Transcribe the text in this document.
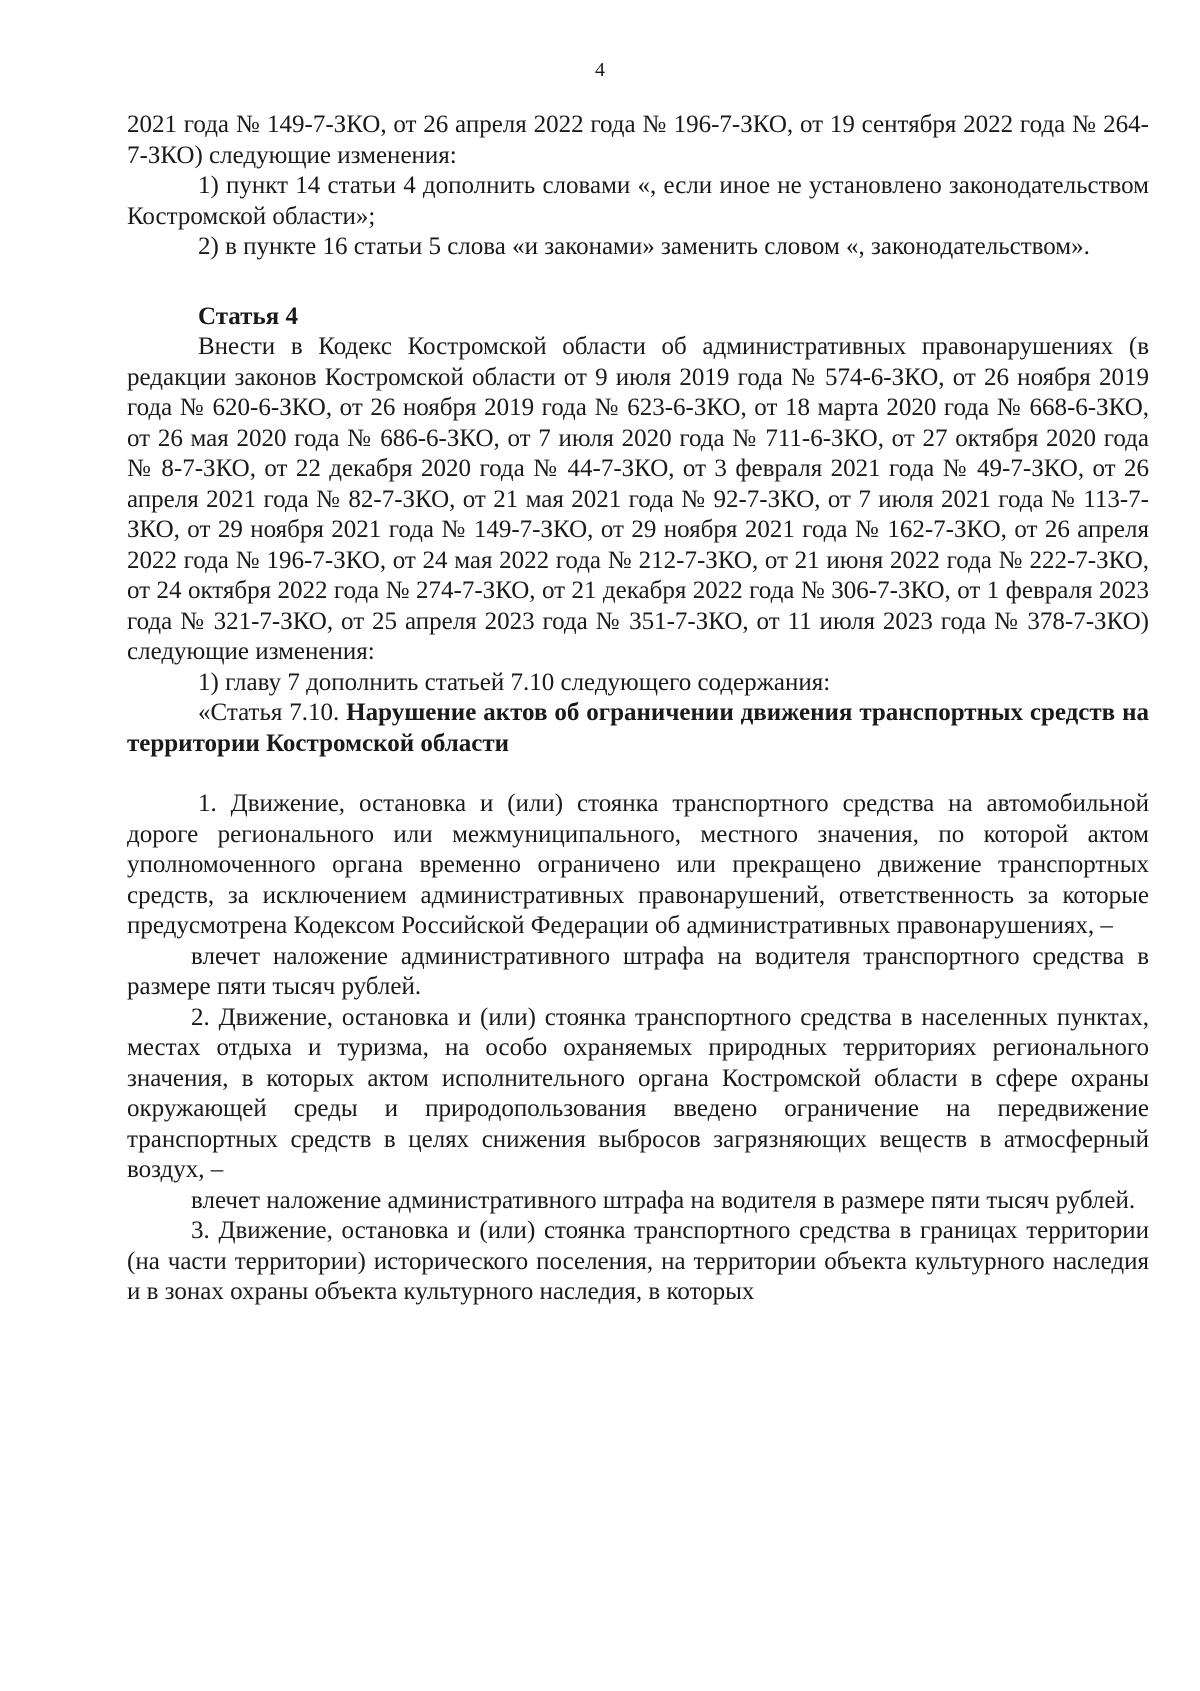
4

2021 года № 149-7-ЗКО, от 26 апреля 2022 года № 196-7-ЗКО, от 19 сентября 2022 года № 264-7-ЗКО) следующие изменения:

1) пункт 14 статьи 4 дополнить словами «, если иное не установлено законодательством Костромской области»;

2) в пункте 16 статьи 5 слова «и законами» заменить словом «, законодательством».

Статья 4

Внести в Кодекс Костромской области об административных правонарушениях (в редакции законов Костромской области от 9 июля 2019 года № 574-6-ЗКО, от 26 ноября 2019 года № 620-6-ЗКО, от 26 ноября 2019 года № 623-6-ЗКО, от 18 марта 2020 года № 668-6-ЗКО, от 26 мая 2020 года № 686-6-ЗКО, от 7 июля 2020 года № 711-6-ЗКО, от 27 октября 2020 года № 8-7-ЗКО, от 22 декабря 2020 года № 44-7-ЗКО, от 3 февраля 2021 года № 49-7-ЗКО, от 26 апреля 2021 года № 82-7-ЗКО, от 21 мая 2021 года № 92-7-ЗКО, от 7 июля 2021 года № 113-7-ЗКО, от 29 ноября 2021 года № 149-7-ЗКО, от 29 ноября 2021 года № 162-7-ЗКО, от 26 апреля 2022 года № 196-7-ЗКО, от 24 мая 2022 года № 212-7-ЗКО, от 21 июня 2022 года № 222-7-ЗКО, от 24 октября 2022 года № 274-7-ЗКО, от 21 декабря 2022 года № 306-7-ЗКО, от 1 февраля 2023 года № 321-7-ЗКО, от 25 апреля 2023 года № 351-7-ЗКО, от 11 июля 2023 года № 378-7-ЗКО) следующие изменения:

1) главу 7 дополнить статьей 7.10 следующего содержания:

«Статья 7.10. Нарушение актов об ограничении движения транспортных средств на территории Костромской области

1. Движение, остановка и (или) стоянка транспортного средства на автомобильной дороге регионального или межмуниципального, местного значения, по которой актом уполномоченного органа временно ограничено или прекращено движение транспортных средств, за исключением административных правонарушений, ответственность за которые предусмотрена Кодексом Российской Федерации об административных правонарушениях, –

влечет наложение административного штрафа на водителя транспортного средства в размере пяти тысяч рублей.

2. Движение, остановка и (или) стоянка транспортного средства в населенных пунктах, местах отдыха и туризма, на особо охраняемых природных территориях регионального значения, в которых актом исполнительного органа Костромской области в сфере охраны окружающей среды и природопользования введено ограничение на передвижение транспортных средств в целях снижения выбросов загрязняющих веществ в атмосферный воздух, –

влечет наложение административного штрафа на водителя в размере пяти тысяч рублей.

3. Движение, остановка и (или) стоянка транспортного средства в границах территории (на части территории) исторического поселения, на территории объекта культурного наследия и в зонах охраны объекта культурного наследия, в которых
